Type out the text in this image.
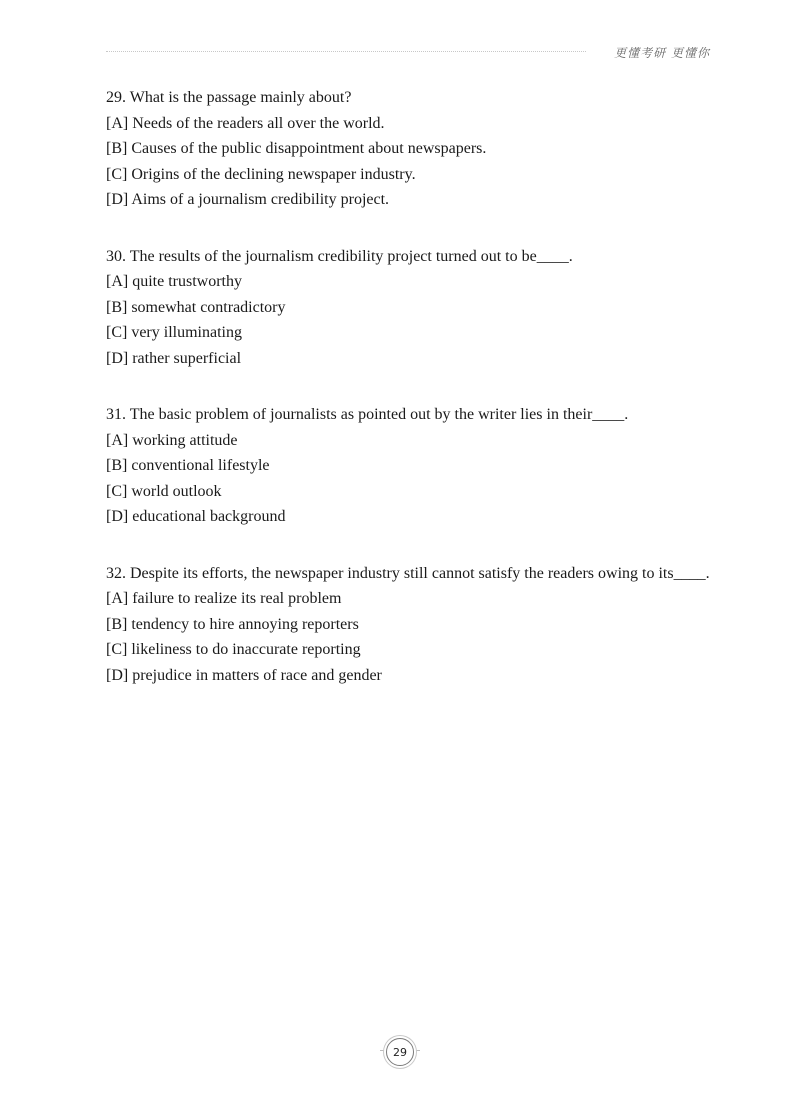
更懂考研 更懂你
29. What is the passage mainly about?
[A] Needs of the readers all over the world.
[B] Causes of the public disappointment about newspapers.
[C] Origins of the declining newspaper industry.
[D] Aims of a journalism credibility project.
30. The results of the journalism credibility project turned out to be____.
[A] quite trustworthy
[B] somewhat contradictory
[C] very illuminating
[D] rather superficial
31. The basic problem of journalists as pointed out by the writer lies in their____.
[A] working attitude
[B] conventional lifestyle
[C] world outlook
[D] educational background
32. Despite its efforts, the newspaper industry still cannot satisfy the readers owing to its____.
[A] failure to realize its real problem
[B] tendency to hire annoying reporters
[C] likeliness to do inaccurate reporting
[D] prejudice in matters of race and gender
29
